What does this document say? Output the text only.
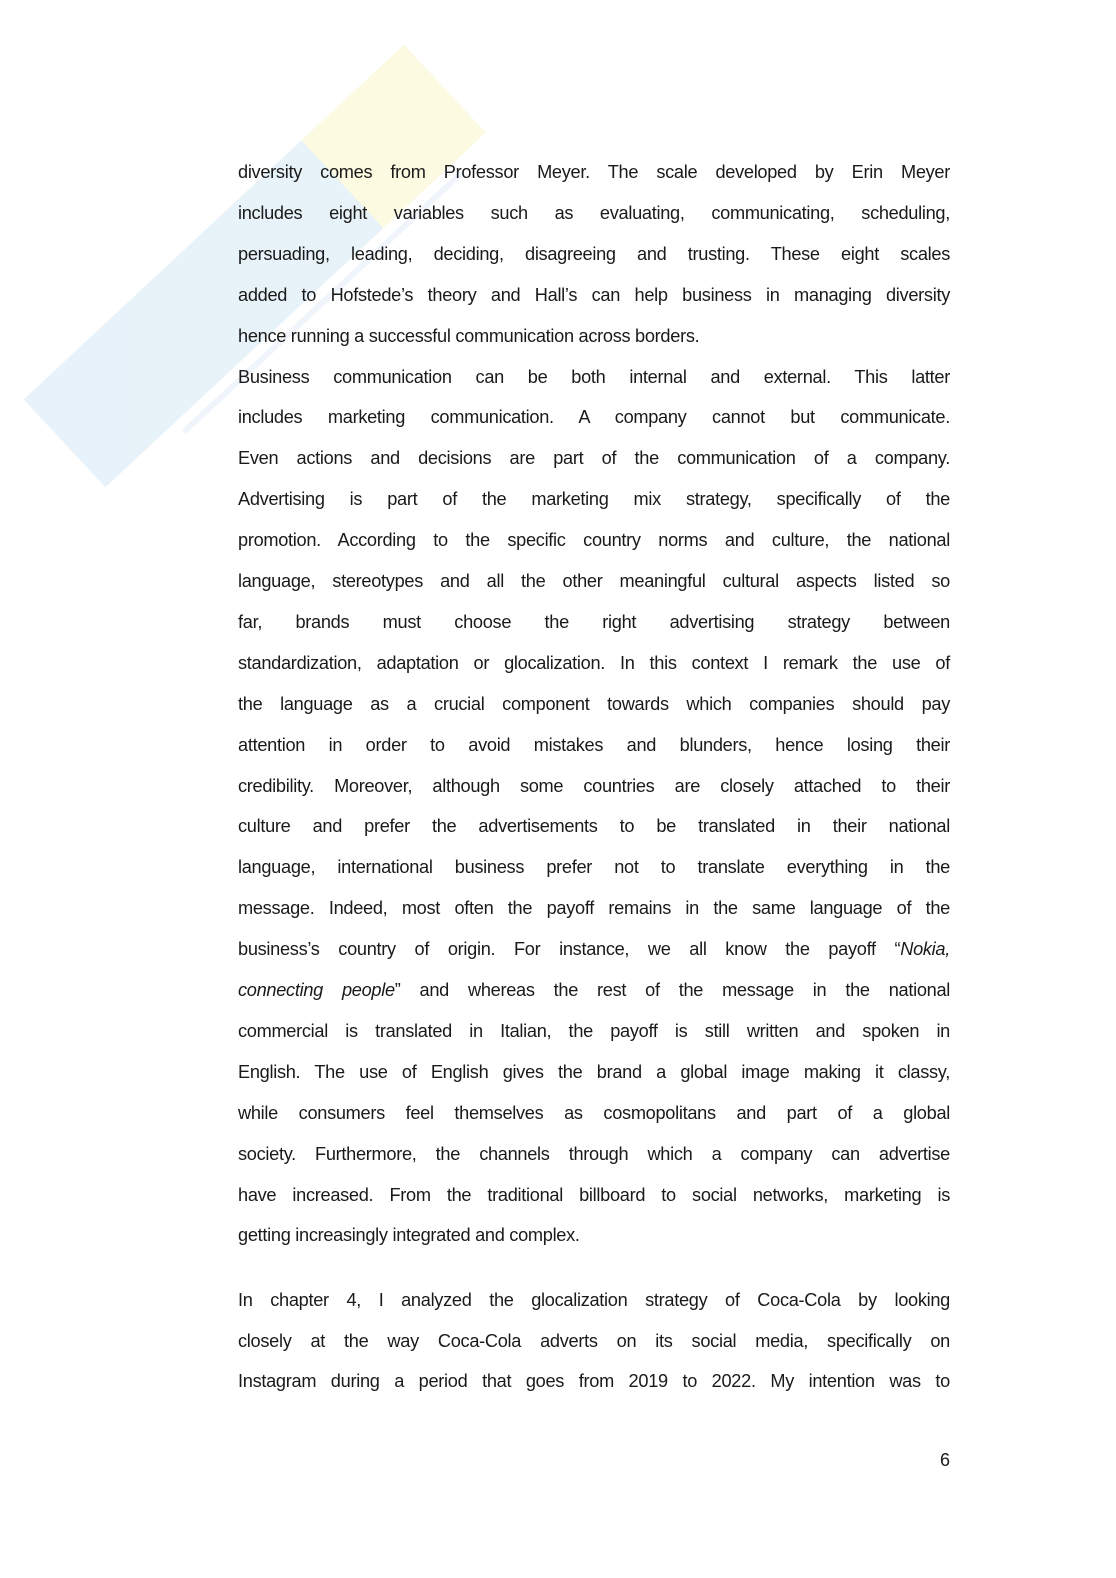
diversity comes from Professor Meyer. The scale developed by Erin Meyer
includes eight variables such as evaluating, communicating, scheduling,
persuading, leading, deciding, disagreeing and trusting. These eight scales
added to Hofstede’s theory and Hall’s can help business in managing diversity
hence running a successful communication across borders.
Business communication can be both internal and external. This latter
includes marketing communication. A company cannot but communicate.
Even actions and decisions are part of the communication of a company.
Advertising is part of the marketing mix strategy, specifically of the
promotion. According to the specific country norms and culture, the national
language, stereotypes and all the other meaningful cultural aspects listed so
far, brands must choose the right advertising strategy between
standardization, adaptation or glocalization. In this context I remark the use of
the language as a crucial component towards which companies should pay
attention in order to avoid mistakes and blunders, hence losing their
credibility. Moreover, although some countries are closely attached to their
culture and prefer the advertisements to be translated in their national
language, international business prefer not to translate everything in the
message. Indeed, most often the payoff remains in the same language of the
business’s country of origin. For instance, we all know the payoff “Nokia,
connecting people” and whereas the rest of the message in the national
commercial is translated in Italian, the payoff is still written and spoken in
English. The use of English gives the brand a global image making it classy,
while consumers feel themselves as cosmopolitans and part of a global
society. Furthermore, the channels through which a company can advertise
have increased. From the traditional billboard to social networks, marketing is
getting increasingly integrated and complex.
In chapter 4, I analyzed the glocalization strategy of Coca-Cola by looking
closely at the way Coca-Cola adverts on its social media, specifically on
Instagram during a period that goes from 2019 to 2022. My intention was to
6
